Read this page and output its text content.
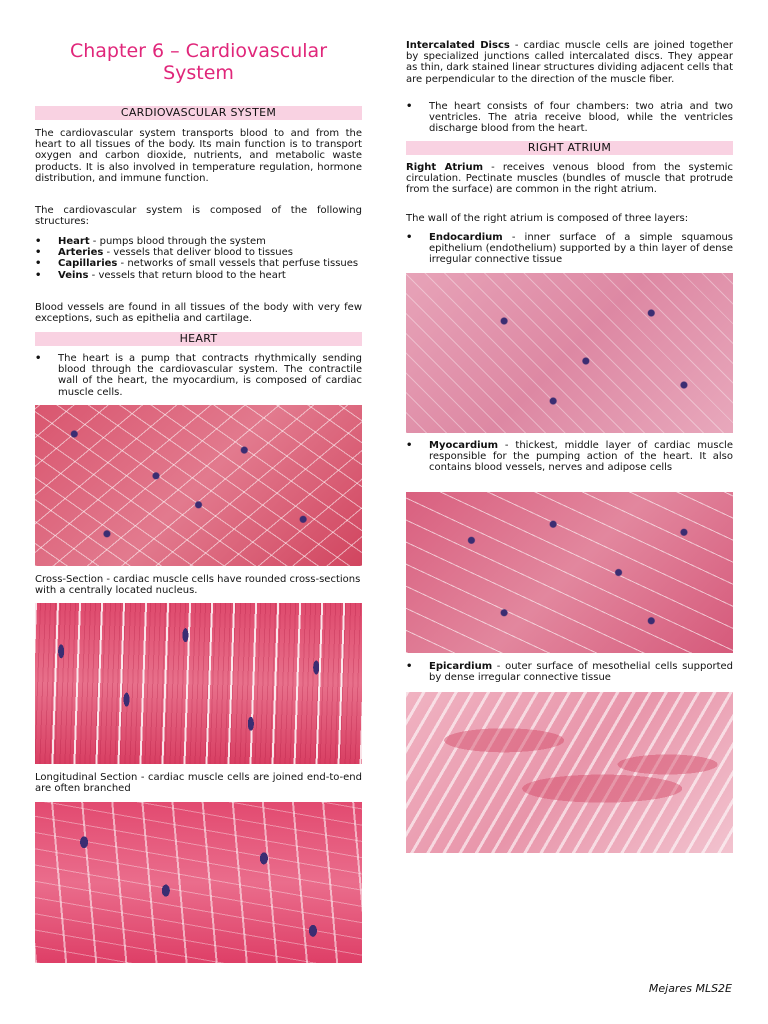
Chapter 6 – Cardiovascular System
CARDIOVASCULAR SYSTEM

The cardiovascular system transports blood to and from the heart to all tissues of the body. Its main function is to transport oxygen and carbon dioxide, nutrients, and metabolic waste products. It is also involved in temperature regulation, hormone distribution, and immune function.

The cardiovascular system is composed of the following structures:

• Heart - pumps blood through the system
• Arteries - vessels that deliver blood to tissues
• Capillaries - networks of small vessels that perfuse tissues
• Veins - vessels that return blood to the heart

Blood vessels are found in all tissues of the body with very few exceptions, such as epithelia and cartilage.

HEART
• The heart is a pump that contracts rhythmically sending blood through the cardiovascular system. The contractile wall of the heart, the myocardium, is composed of cardiac muscle cells.

Cross-Section - cardiac muscle cells have rounded cross-sections with a centrally located nucleus.

Longitudinal Section - cardiac muscle cells are joined end-to-end are often branched

Intercalated Discs - cardiac muscle cells are joined together by specialized junctions called intercalated discs. They appear as thin, dark stained linear structures dividing adjacent cells that are perpendicular to the direction of the muscle fiber.

• The heart consists of four chambers: two atria and two ventricles. The atria receive blood, while the ventricles discharge blood from the heart.
RIGHT ATRIUM

Right Atrium - receives venous blood from the systemic circulation. Pectinate muscles (bundles of muscle that protrude from the surface) are common in the right atrium.

The wall of the right atrium is composed of three layers:

• Endocardium - inner surface of a simple squamous epithelium (endothelium) supported by a thin layer of dense irregular connective tissue
• Myocardium - thickest, middle layer of cardiac muscle responsible for the pumping action of the heart. It also contains blood vessels, nerves and adipose cells
• Epicardium - outer surface of mesothelial cells supported by dense irregular connective tissue
Mejares MLS2E
